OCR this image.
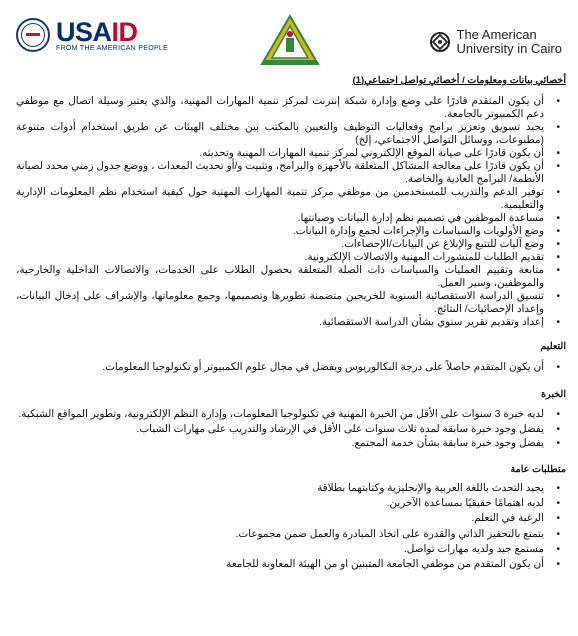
USAID
FROM THE AMERICAN PEOPLE
The American
University in Cairo
أخصائي بيانات ومعلومات / أخصائي تواصل اجتماعي(1)
• أن يكون المتقدم قادرًا على وضع وإدارة شبكة إنترنت لمركز تنمية المهارات المهنية، والذي يعتبر وسيلة اتصال مع موظفي دعم الكمبيوتر بالجامعة.
• يجيد تسويق وتعزيز برامج وفعاليات التوظيف والتعيين بالمكتب بين مختلف الهيئات عن طريق استخدام أدوات متنوعة (مطبوعات، ووسائل التواصل الاجتماعي، إلخ)
• أن يكون قادرًا على صيانة الموقع الإلكتروني لمركز تنمية المهارات المهنية وتحديثه.
• أن يكون قادرًا على معالجة المشاكل المتعلقة بالأجهزة والبرامج، وتثبيت و/أو تحديث المعدات ، ووضع جدول زمني محدد لصيانة الأنظمة/ البرامج العادية والخاصة.
• توفير الدعم والتدريب للمستخدمين من موظفي مركز تنمية المهارات المهنية حول كيفية استخدام نظم المعلومات الإدارية والتعليمية.
• مساعدة الموظفين في تصميم نظم إدارة البيانات وصيانتها.
• وضع الأولويات والسياسات والإجراءات لجمع وإدارة البيانات.
• وضع آليات للتتبع والإبلاغ عن البيانات/الإحصاءات.
• تقديم الطلبات للمنشورات المهنية والاتصالات الإلكترونية.
• متابعة وتقييم العمليات والسياسات ذات الصلة المتعلقة بحصول الطلاب على الخدمات، والاتصالات الداخلية والخارجية، والموظفين، وسير العمل.
• تنسيق الدراسة الاستقصائية السنوية للخريجين متضمنة تطويرها وتصميمها، وجمع معلوماتها، والإشراف على إدخال البيانات، وإعداد الإحصائيات/ النتائج.
• إعداد وتقديم تقرير سنوي بشأن الدراسة الاستقصائية.
التعليم
• أن يكون المتقدم حاصلاً على درجة البكالوريوس ويفضل في مجال علوم الكمبيوتر أو تكنولوجيا المعلومات.
الخبرة
• لديه خبرة 3 سنوات على الأقل من الخبرة المهنية في تكنولوجيا المعلومات، وإدارة النظم الإلكترونية، وتطوير المواقع الشبكية.
• يفضل وجود خبرة سابقة لمدة ثلاث سنوات على الأقل في الإرشاد والتدريب على مهارات الشباب.
• يفضل وجود خبرة سابقة بشأن خدمة المجتمع.
متطلبات عامة
• يجيد التحدث باللغة العربية والإنجليزية وكتابتهما بطلاقة
• لديه اهتمامًا حقيقيًا بمساعدة الآخرين.
• الرغبة في التعلم.
• يتمتع بالتحفيز الذاتي والقدرة على اتخاذ المبادرة والعمل ضمن مجموعات.
• مستمع جيد ولديه مهارات تواصل.
• أن يكون المتقدم من موظفي الجامعة المتبنين او من الهيئة المعاونة للجامعة
